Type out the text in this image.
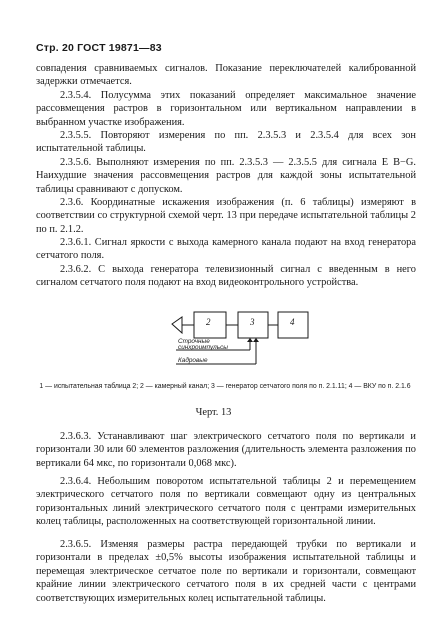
Стр. 20 ГОСТ 19871—83

совпадения сравниваемых сигналов. Показание переключателей калиброванной задержки отмечается.

2.3.5.4. Полусумма этих показаний определяет максимальное значение рассовмещения растров в горизонтальном или вертикальном направлении в выбранном участке изображения.

2.3.5.5. Повторяют измерения по пп. 2.3.5.3 и 2.3.5.4 для всех зон испытательной таблицы.

2.3.5.6. Выполняют измерения по пп. 2.3.5.3 — 2.3.5.5 для сигнала E B−G. Наихудшие значения рассовмещения растров для каждой зоны испытательной таблицы сравнивают с допуском.

2.3.6. Координатные искажения изображения (п. 6 таблицы) измеряют в соответствии со структурной схемой черт. 13 при передаче испытательной таблицы 2 по п. 2.1.2.

2.3.6.1. Сигнал яркости с выхода камерного канала подают на вход генератора сетчатого поля.

2.3.6.2. С выхода генератора телевизионный сигнал с введенным в него сигналом сетчатого поля подают на вход видеоконтрольного устройства.

2	3	4
Строчные
синхроимпульсы
Кадровые
1 — испытательная таблица 2; 2 — камерный канал; 3 — генератор сетчатого поля по п. 2.1.11; 4 — ВКУ по п. 2.1.6
Черт. 13

2.3.6.3. Устанавливают шаг электрического сетчатого поля по вертикали и горизонтали 30 или 60 элементов разложения (длительность элемента разложения по вертикали 64 мкс, по горизонтали 0,068 мкс).

2.3.6.4. Небольшим поворотом испытательной таблицы 2 и перемещением электрического сетчатого поля по вертикали совмещают одну из центральных горизонтальных линий электрического сетчатого поля с центрами измерительных колец таблицы, расположенных на соответствующей горизонтальной линии.

2.3.6.5. Изменяя размеры растра передающей трубки по вертикали и горизонтали в пределах ±0,5% высоты изображения испытательной таблицы и перемещая электрическое сетчатое поле по вертикали и горизонтали, совмещают крайние линии электрического сетчатого поля в их средней части с центрами соответствующих измерительных колец испытательной таблицы.
